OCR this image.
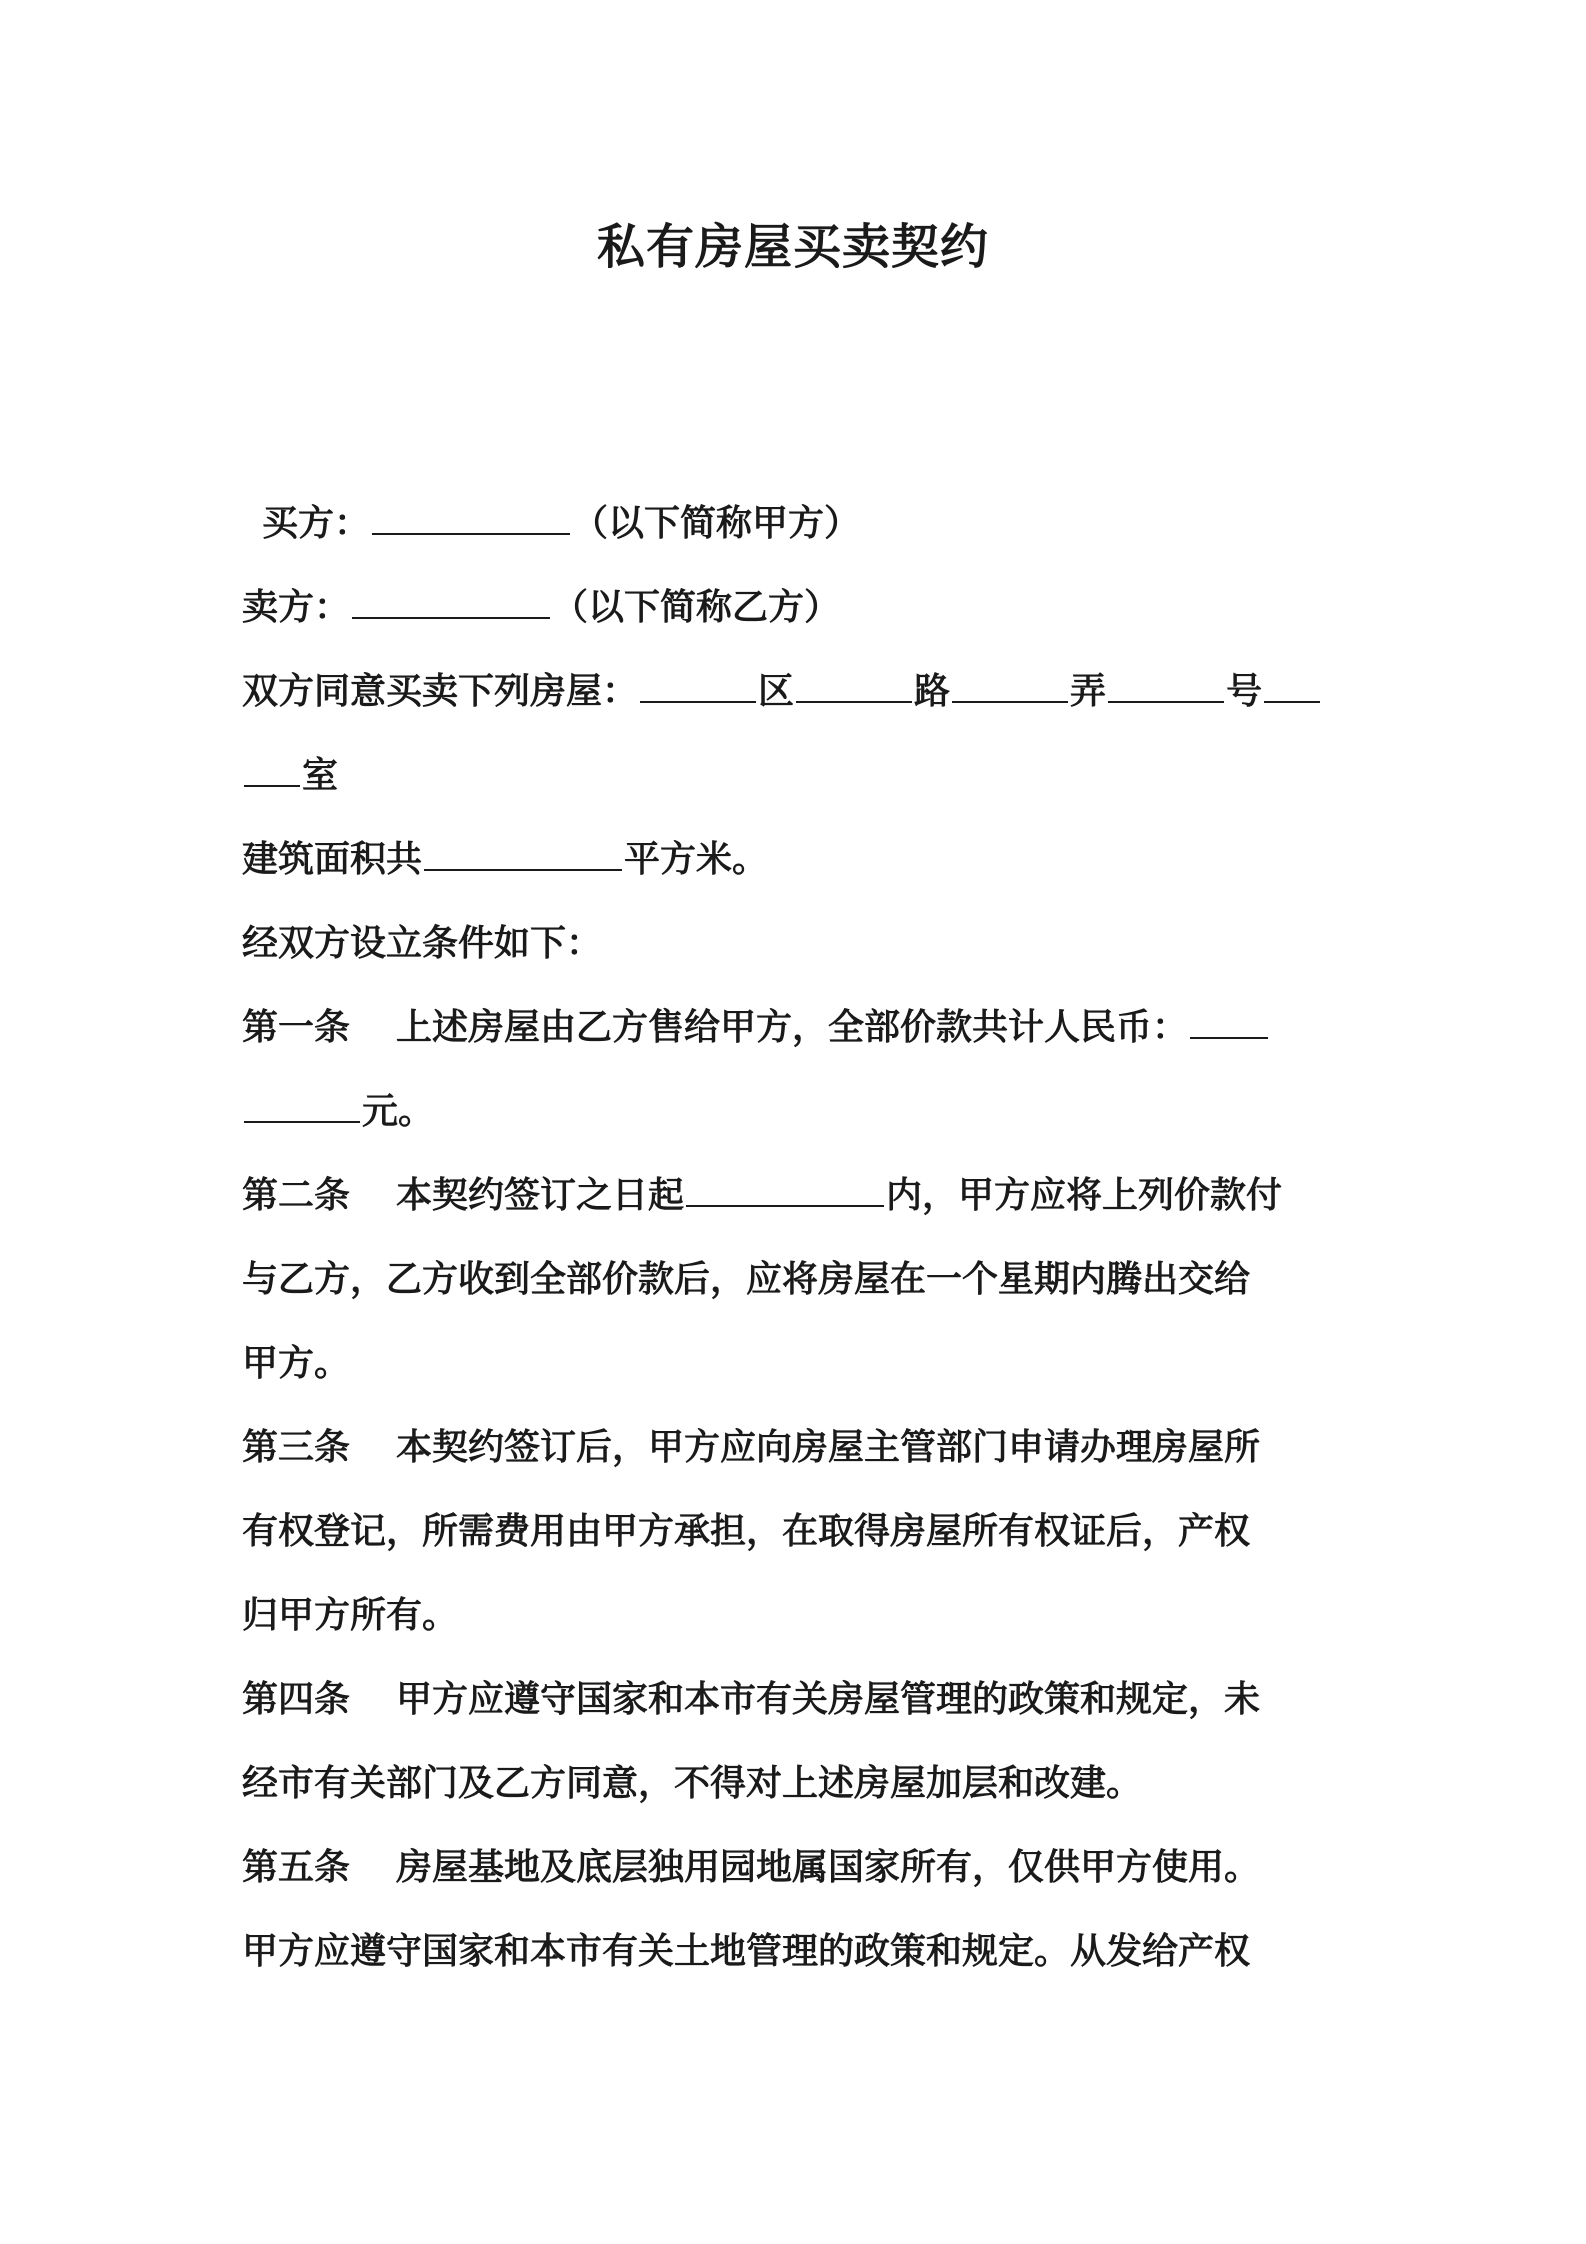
私有房屋买卖契约
买方：	（以下简称甲方）
卖方：	（以下简称乙方）
双方同意买卖下列房屋：	区	路	弄	号
室
建筑面积共	平方米。
经双方设立条件如下：
第一条 上述房屋由乙方售给甲方，全部价款共计人民币：
元。
第二条 本契约签订之日起	内，甲方应将上列价款付
与乙方，乙方收到全部价款后，应将房屋在一个星期内腾出交给
甲方。
第三条 本契约签订后，甲方应向房屋主管部门申请办理房屋所
有权登记，所需费用由甲方承担，在取得房屋所有权证后，产权
归甲方所有。
第四条 甲方应遵守国家和本市有关房屋管理的政策和规定，未
经市有关部门及乙方同意，不得对上述房屋加层和改建。
第五条 房屋基地及底层独用园地属国家所有，仅供甲方使用。
甲方应遵守国家和本市有关土地管理的政策和规定。从发给产权
